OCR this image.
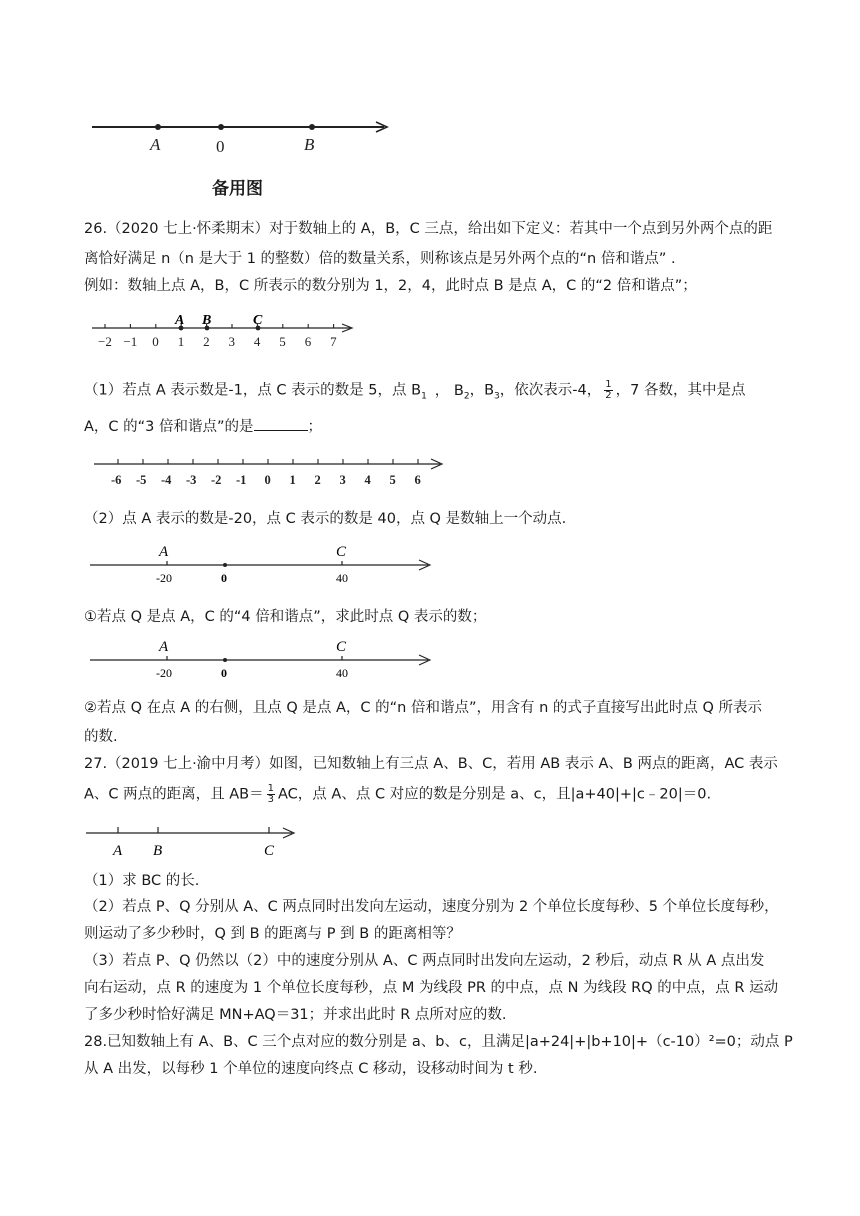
A	0	B
备用图
26.（2020 七上·怀柔期末）对于数轴上的 A，B，C 三点，给出如下定义：若其中一个点到另外两个点的距
离恰好满足 n（n 是大于 1 的整数）倍的数量关系，则称该点是另外两个点的“n 倍和谐点” .
例如：数轴上点 A，B，C 所表示的数分别为 1，2，4，此时点 B 是点 A，C 的“2 倍和谐点”；
A B	C
−2 −1 0 1 2 3 4 5 6 7
（1）若点 A 表示数是-1，点 C 表示的数是 5，点 $B_1$ ， $B_2$，$B_3$，依次表示-4， $\frac{1}{2}$ ，7 各数，其中是点
A，C 的“3 倍和谐点”的是	；
-6 -5 -4 -3 -2 -1 0 1 2 3 4 5 6
（2）点 A 表示的数是-20，点 C 表示的数是 40，点 Q 是数轴上一个动点.
A	C
-20	0	40
①若点 Q 是点 A，C 的“4 倍和谐点”，求此时点 Q 表示的数；
A	C
-20	0	40
②若点 Q 在点 A 的右侧，且点 Q 是点 A，C 的“n 倍和谐点”，用含有 n 的式子直接写出此时点 Q 所表示
的数.
27.（2019 七上·渝中月考）如图，已知数轴上有三点 A、B、C，若用 AB 表示 A、B 两点的距离，AC 表示
A、C 两点的距离，且 $AB= \frac{1}{3}$ AC，点 A、点 C 对应的数是分别是 a、c，且|a+40|+|c﹣20|＝0.
A B	C
（1）求 BC 的长.
（2）若点 P、Q 分别从 A、C 两点同时出发向左运动，速度分别为 2 个单位长度每秒、5 个单位长度每秒，
则运动了多少秒时，Q 到 B 的距离与 P 到 B 的距离相等？
（3）若点 P、Q 仍然以（2）中的速度分别从 A、C 两点同时出发向左运动，2 秒后，动点 R 从 A 点出发
向右运动，点 R 的速度为 1 个单位长度每秒，点 M 为线段 PR 的中点，点 N 为线段 RQ 的中点，点 R 运动
了多少秒时恰好满足 MN+AQ＝31；并求出此时 R 点所对应的数.
28.已知数轴上有 A、B、C 三个点对应的数分别是 a、b、c，且满足|a+24|+|b+10|+（c-10）²=0；动点 P
从 A 出发，以每秒 1 个单位的速度向终点 C 移动，设移动时间为 t 秒.
